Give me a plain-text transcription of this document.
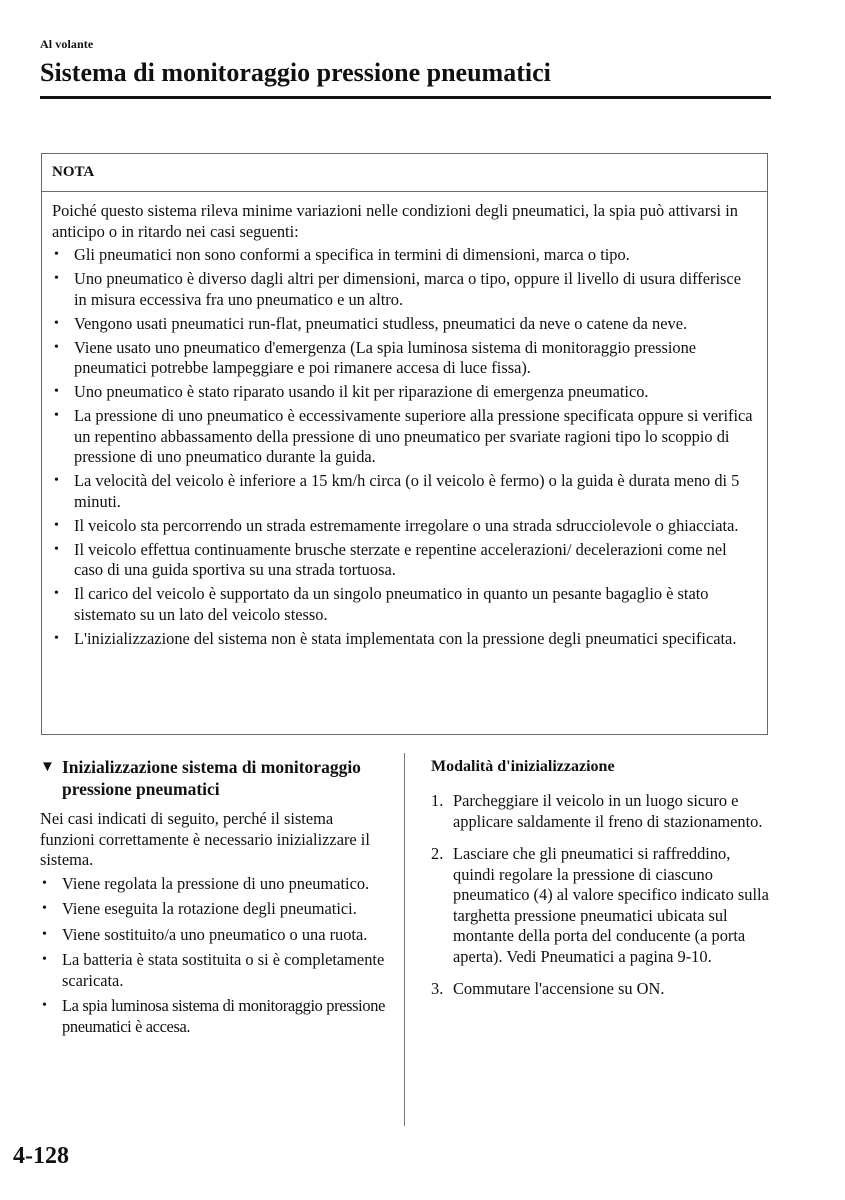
Al volante
Sistema di monitoraggio pressione pneumatici
NOTA

Poiché questo sistema rileva minime variazioni nelle condizioni degli pneumatici, la spia può attivarsi in anticipo o in ritardo nei casi seguenti:

• Gli pneumatici non sono conformi a specifica in termini di dimensioni, marca o tipo.
• Uno pneumatico è diverso dagli altri per dimensioni, marca o tipo, oppure il livello di usura differisce in misura eccessiva fra uno pneumatico e un altro.
• Vengono usati pneumatici run-flat, pneumatici studless, pneumatici da neve o catene da neve.
• Viene usato uno pneumatico d'emergenza (La spia luminosa sistema di monitoraggio pressione pneumatici potrebbe lampeggiare e poi rimanere accesa di luce fissa).
• Uno pneumatico è stato riparato usando il kit per riparazione di emergenza pneumatico.
• La pressione di uno pneumatico è eccessivamente superiore alla pressione specificata oppure si verifica un repentino abbassamento della pressione di uno pneumatico per svariate ragioni tipo lo scoppio di pressione di uno pneumatico durante la guida.
• La velocità del veicolo è inferiore a 15 km/h circa (o il veicolo è fermo) o la guida è durata meno di 5 minuti.
• Il veicolo sta percorrendo un strada estremamente irregolare o una strada sdrucciolevole o ghiacciata.
• Il veicolo effettua continuamente brusche sterzate e repentine accelerazioni/ decelerazioni come nel caso di una guida sportiva su una strada tortuosa.
• Il carico del veicolo è supportato da un singolo pneumatico in quanto un pesante bagaglio è stato sistemato su un lato del veicolo stesso.
• L'inizializzazione del sistema non è stata implementata con la pressione degli pneumatici specificata.
▼ Inizializzazione sistema di monitoraggio pressione pneumatici

Nei casi indicati di seguito, perché il sistema funzioni correttamente è necessario inizializzare il sistema.

• Viene regolata la pressione di uno pneumatico.
• Viene eseguita la rotazione degli pneumatici.
• Viene sostituito/a uno pneumatico o una ruota.
• La batteria è stata sostituita o si è completamente scaricata.
• La spia luminosa sistema di monitoraggio pressione pneumatici è accesa.
Modalità d'inizializzazione
1. Parcheggiare il veicolo in un luogo sicuro e applicare saldamente il freno di stazionamento.
2. Lasciare che gli pneumatici si raffreddino, quindi regolare la pressione di ciascuno pneumatico (4) al valore specifico indicato sulla targhetta pressione pneumatici ubicata sul montante della porta del conducente (a porta aperta). Vedi Pneumatici a pagina 9-10.
3. Commutare l'accensione su ON.
4-128
